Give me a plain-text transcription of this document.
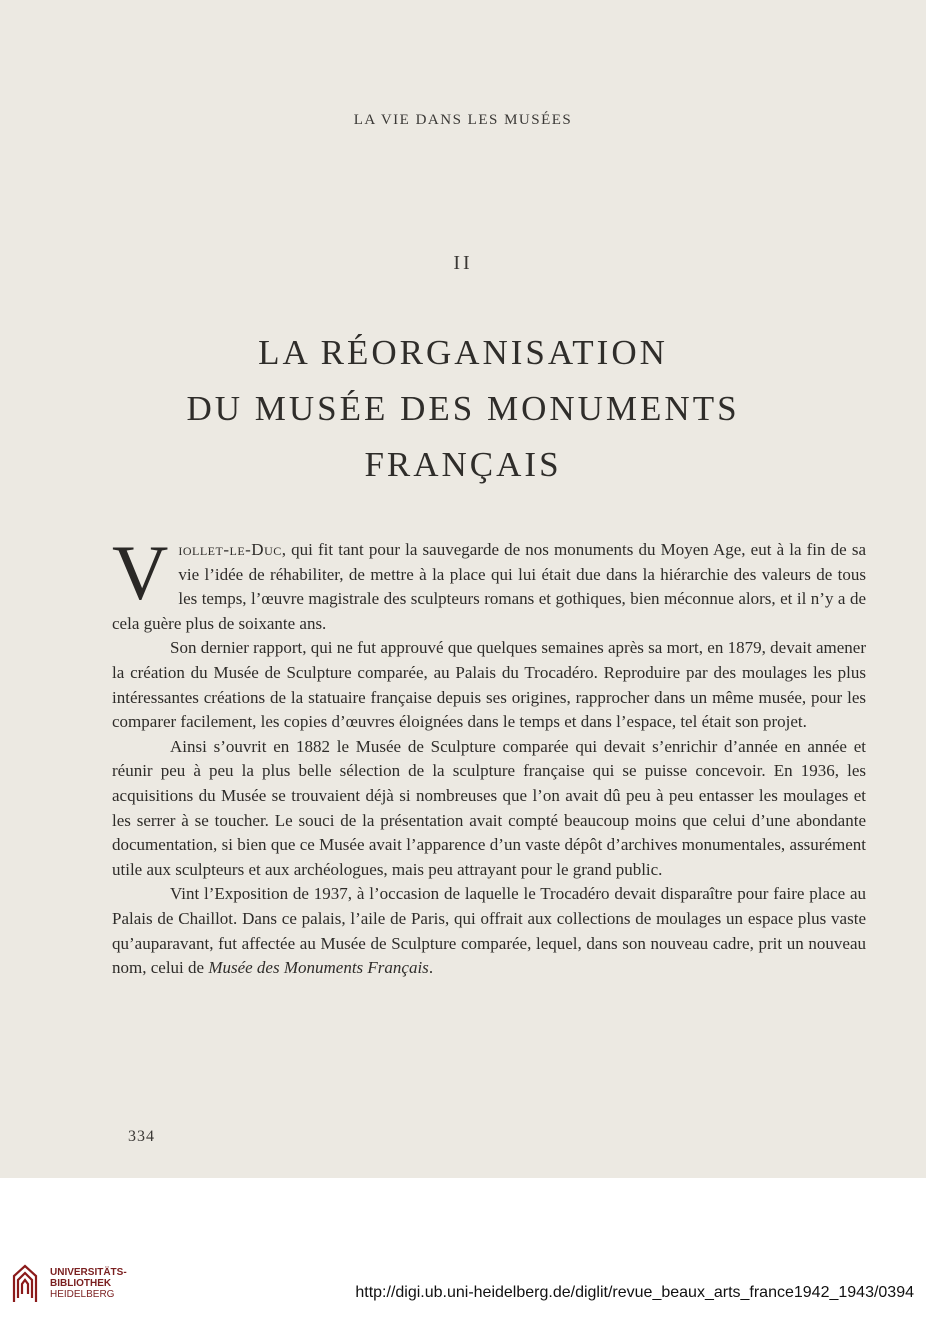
LA VIE DANS LES MUSÉES
II
LA RÉORGANISATION
DU MUSÉE DES MONUMENTS
FRANÇAIS

Viollet-le-Duc, qui fit tant pour la sauvegarde de nos monuments du Moyen Age, eut à la fin de sa vie l’idée de réhabiliter, de mettre à la place qui lui était due dans la hiérarchie des valeurs de tous les temps, l’œuvre magistrale des sculpteurs romans et gothiques, bien méconnue alors, et il n’y a de cela guère plus de soixante ans.

Son dernier rapport, qui ne fut approuvé que quelques semaines après sa mort, en 1879, devait amener la création du Musée de Sculpture comparée, au Palais du Trocadéro. Reproduire par des moulages les plus intéressantes créations de la statuaire française depuis ses origines, rapprocher dans un même musée, pour les comparer facilement, les copies d’œuvres éloignées dans le temps et dans l’espace, tel était son projet.

Ainsi s’ouvrit en 1882 le Musée de Sculpture comparée qui devait s’enrichir d’année en année et réunir peu à peu la plus belle sélection de la sculpture française qui se puisse concevoir. En 1936, les acquisitions du Musée se trouvaient déjà si nombreuses que l’on avait dû peu à peu entasser les moulages et les serrer à se toucher. Le souci de la présentation avait compté beaucoup moins que celui d’une abondante documentation, si bien que ce Musée avait l’apparence d’un vaste dépôt d’archives monumentales, assurément utile aux sculpteurs et aux archéologues, mais peu attrayant pour le grand public.

Vint l’Exposition de 1937, à l’occasion de laquelle le Trocadéro devait disparaître pour faire place au Palais de Chaillot. Dans ce palais, l’aile de Paris, qui offrait aux collections de moulages un espace plus vaste qu’auparavant, fut affectée au Musée de Sculpture comparée, lequel, dans son nouveau cadre, prit un nouveau nom, celui de Musée des Monuments Français.

334
UNIVERSITÄTS-
BIBLIOTHEK
HEIDELBERG	http://digi.ub.uni-heidelberg.de/diglit/revue_beaux_arts_france1942_1943/0394
